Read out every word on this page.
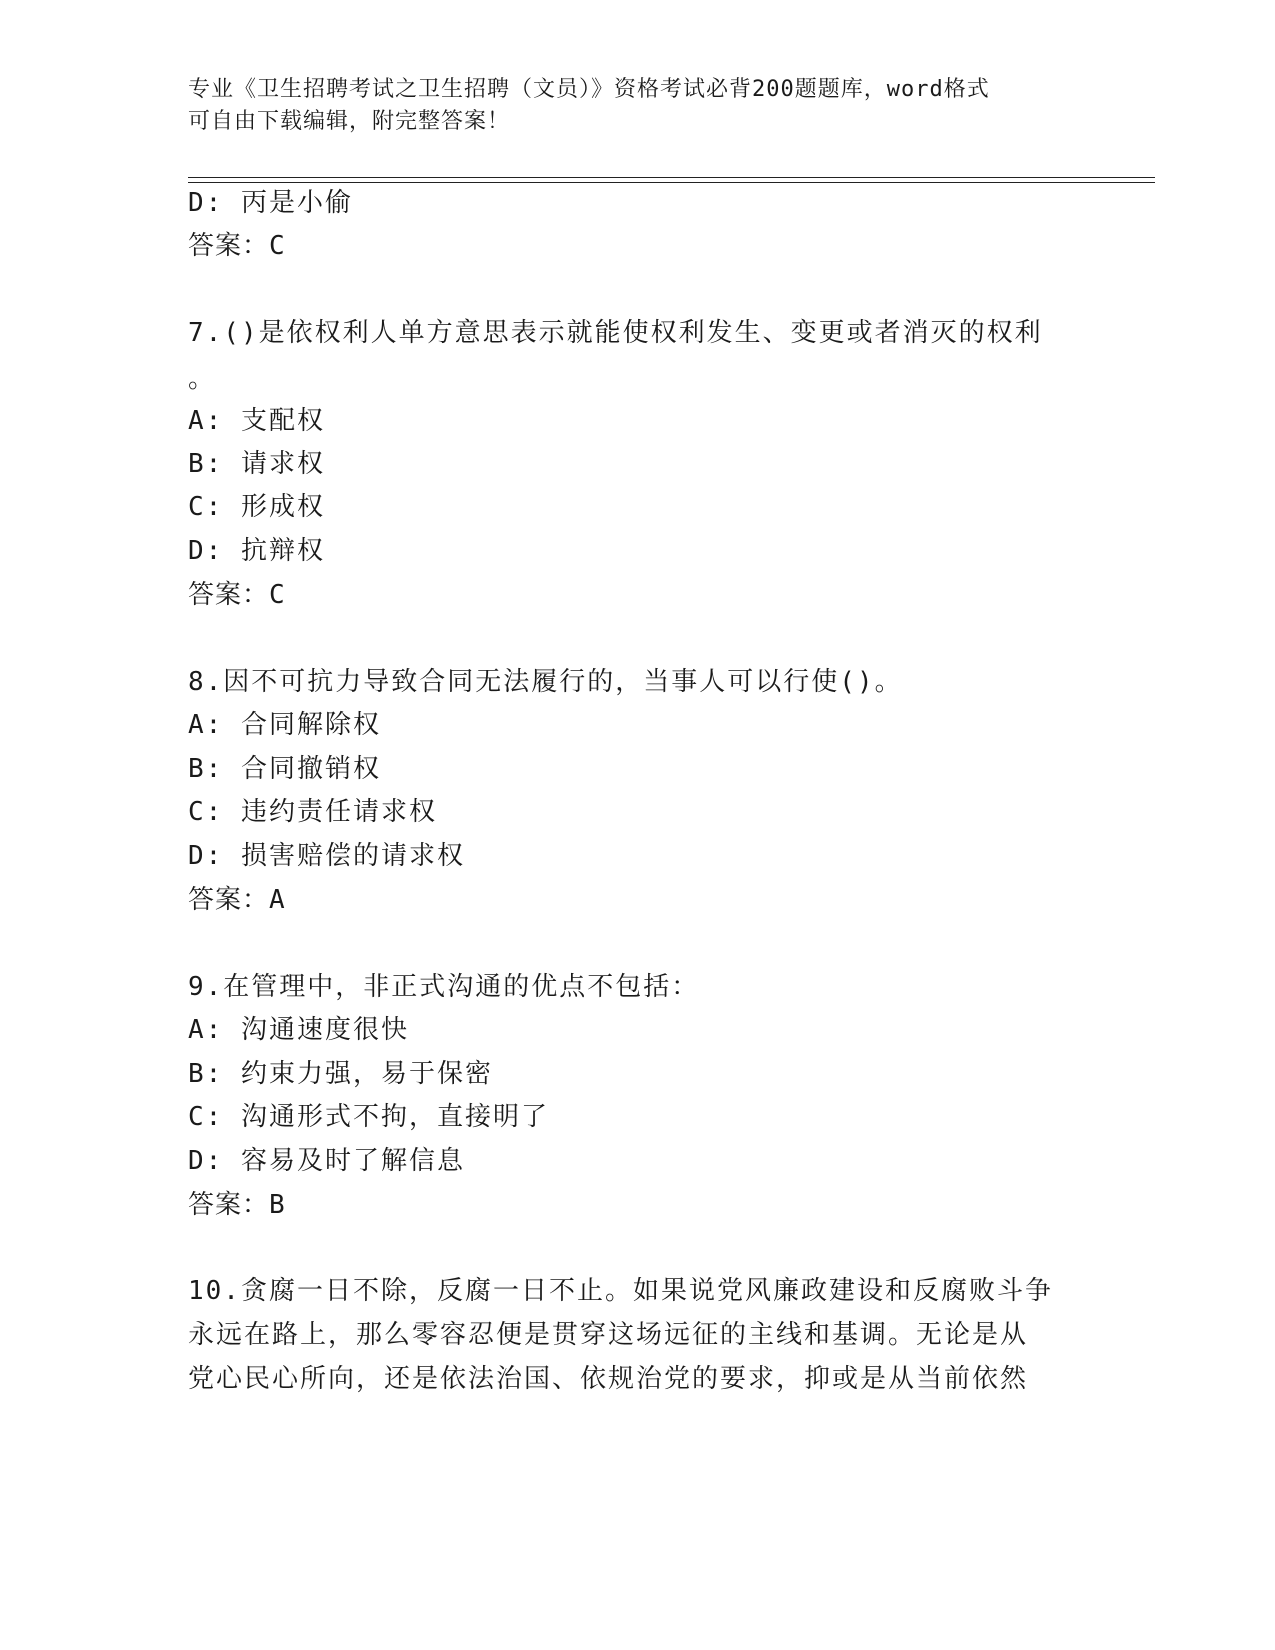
专业《卫生招聘考试之卫生招聘（文员）》资格考试必背200题题库，word格式
可自由下载编辑，附完整答案！
D: 丙是小偷
答案：C
7.()是依权利人单方意思表示就能使权利发生、变更或者消灭的权利
。
A: 支配权
B: 请求权
C: 形成权
D: 抗辩权
答案：C
8.因不可抗力导致合同无法履行的，当事人可以行使()。
A: 合同解除权
B: 合同撤销权
C: 违约责任请求权
D: 损害赔偿的请求权
答案：A
9.在管理中，非正式沟通的优点不包括：
A: 沟通速度很快
B: 约束力强，易于保密
C: 沟通形式不拘，直接明了
D: 容易及时了解信息
答案：B
10.贪腐一日不除，反腐一日不止。如果说党风廉政建设和反腐败斗争
永远在路上，那么零容忍便是贯穿这场远征的主线和基调。无论是从
党心民心所向，还是依法治国、依规治党的要求，抑或是从当前依然
